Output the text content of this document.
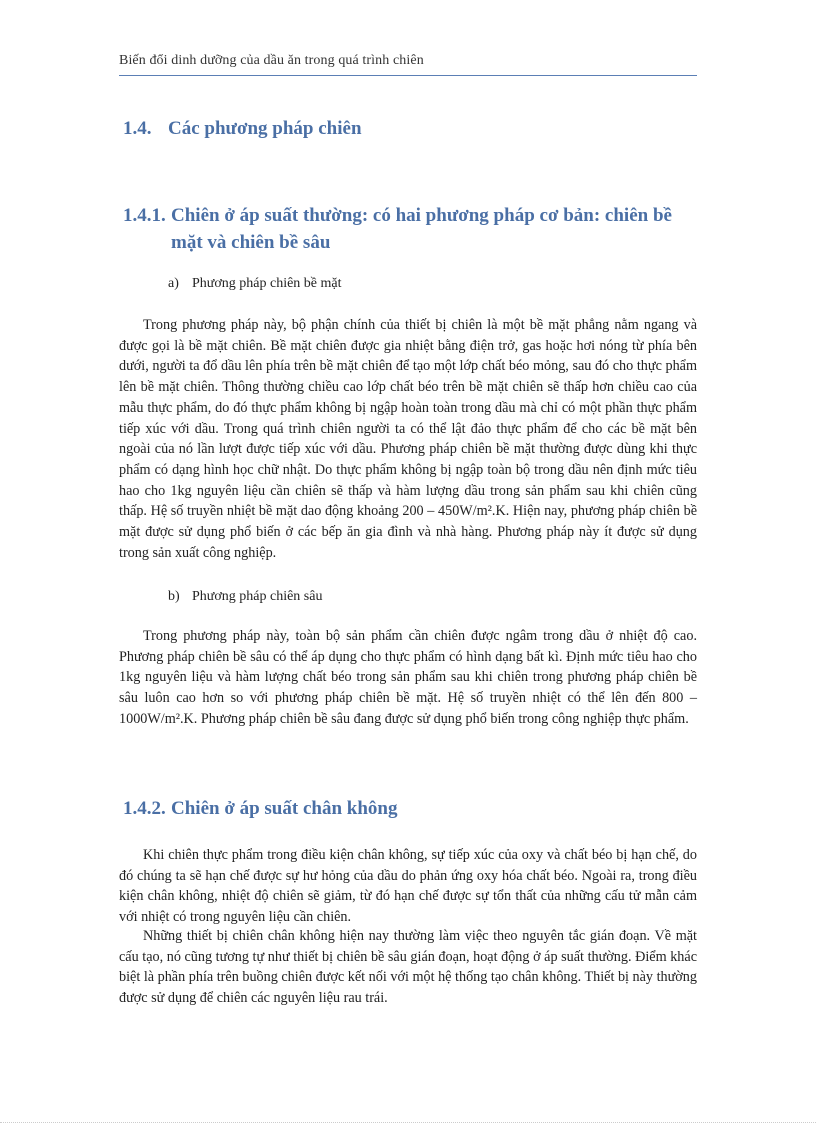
Biến đổi dinh dưỡng của dầu ăn trong quá trình chiên
1.4. Các phương pháp chiên
1.4.1. Chiên ở áp suất thường: có hai phương pháp cơ bản: chiên bề mặt và chiên bề sâu
a) Phương pháp chiên bề mặt
Trong phương pháp này, bộ phận chính của thiết bị chiên là một bề mặt phẳng nằm ngang và được gọi là bề mặt chiên. Bề mặt chiên được gia nhiệt bằng điện trở, gas hoặc hơi nóng từ phía bên dưới, người ta đổ dầu lên phía trên bề mặt chiên để tạo một lớp chất béo mỏng, sau đó cho thực phẩm lên bề mặt chiên. Thông thường chiều cao lớp chất béo trên bề mặt chiên sẽ thấp hơn chiều cao của mẫu thực phẩm, do đó thực phẩm không bị ngập hoàn toàn trong dầu mà chỉ có một phần thực phẩm tiếp xúc với dầu. Trong quá trình chiên người ta có thể lật đảo thực phẩm để cho các bề mặt bên ngoài của nó lần lượt được tiếp xúc với dầu. Phương pháp chiên bề mặt thường được dùng khi thực phẩm có dạng hình học chữ nhật. Do thực phẩm không bị ngập toàn bộ trong dầu nên định mức tiêu hao cho 1kg nguyên liệu cần chiên sẽ thấp và hàm lượng dầu trong sản phẩm sau khi chiên cũng thấp. Hệ số truyền nhiệt bề mặt dao động khoảng 200 – 450W/m².K. Hiện nay, phương pháp chiên bề mặt được sử dụng phổ biến ở các bếp ăn gia đình và nhà hàng. Phương pháp này ít được sử dụng trong sản xuất công nghiệp.
b) Phương pháp chiên sâu
Trong phương pháp này, toàn bộ sản phẩm cần chiên được ngâm trong dầu ở nhiệt độ cao. Phương pháp chiên bề sâu có thể áp dụng cho thực phẩm có hình dạng bất kì. Định mức tiêu hao cho 1kg nguyên liệu và hàm lượng chất béo trong sản phẩm sau khi chiên trong phương pháp chiên bề sâu luôn cao hơn so với phương pháp chiên bề mặt. Hệ số truyền nhiệt có thể lên đến 800 – 1000W/m².K. Phương pháp chiên bề sâu đang được sử dụng phổ biến trong công nghiệp thực phẩm.
1.4.2. Chiên ở áp suất chân không
Khi chiên thực phẩm trong điều kiện chân không, sự tiếp xúc của oxy và chất béo bị hạn chế, do đó chúng ta sẽ hạn chế được sự hư hỏng của dầu do phản ứng oxy hóa chất béo. Ngoài ra, trong điều kiện chân không, nhiệt độ chiên sẽ giảm, từ đó hạn chế được sự tổn thất của những cấu tử mẫn cảm với nhiệt có trong nguyên liệu cần chiên.
Những thiết bị chiên chân không hiện nay thường làm việc theo nguyên tắc gián đoạn. Về mặt cấu tạo, nó cũng tương tự như thiết bị chiên bề sâu gián đoạn, hoạt động ở áp suất thường. Điểm khác biệt là phần phía trên buồng chiên được kết nối với một hệ thống tạo chân không. Thiết bị này thường được sử dụng để chiên các nguyên liệu rau trái.
